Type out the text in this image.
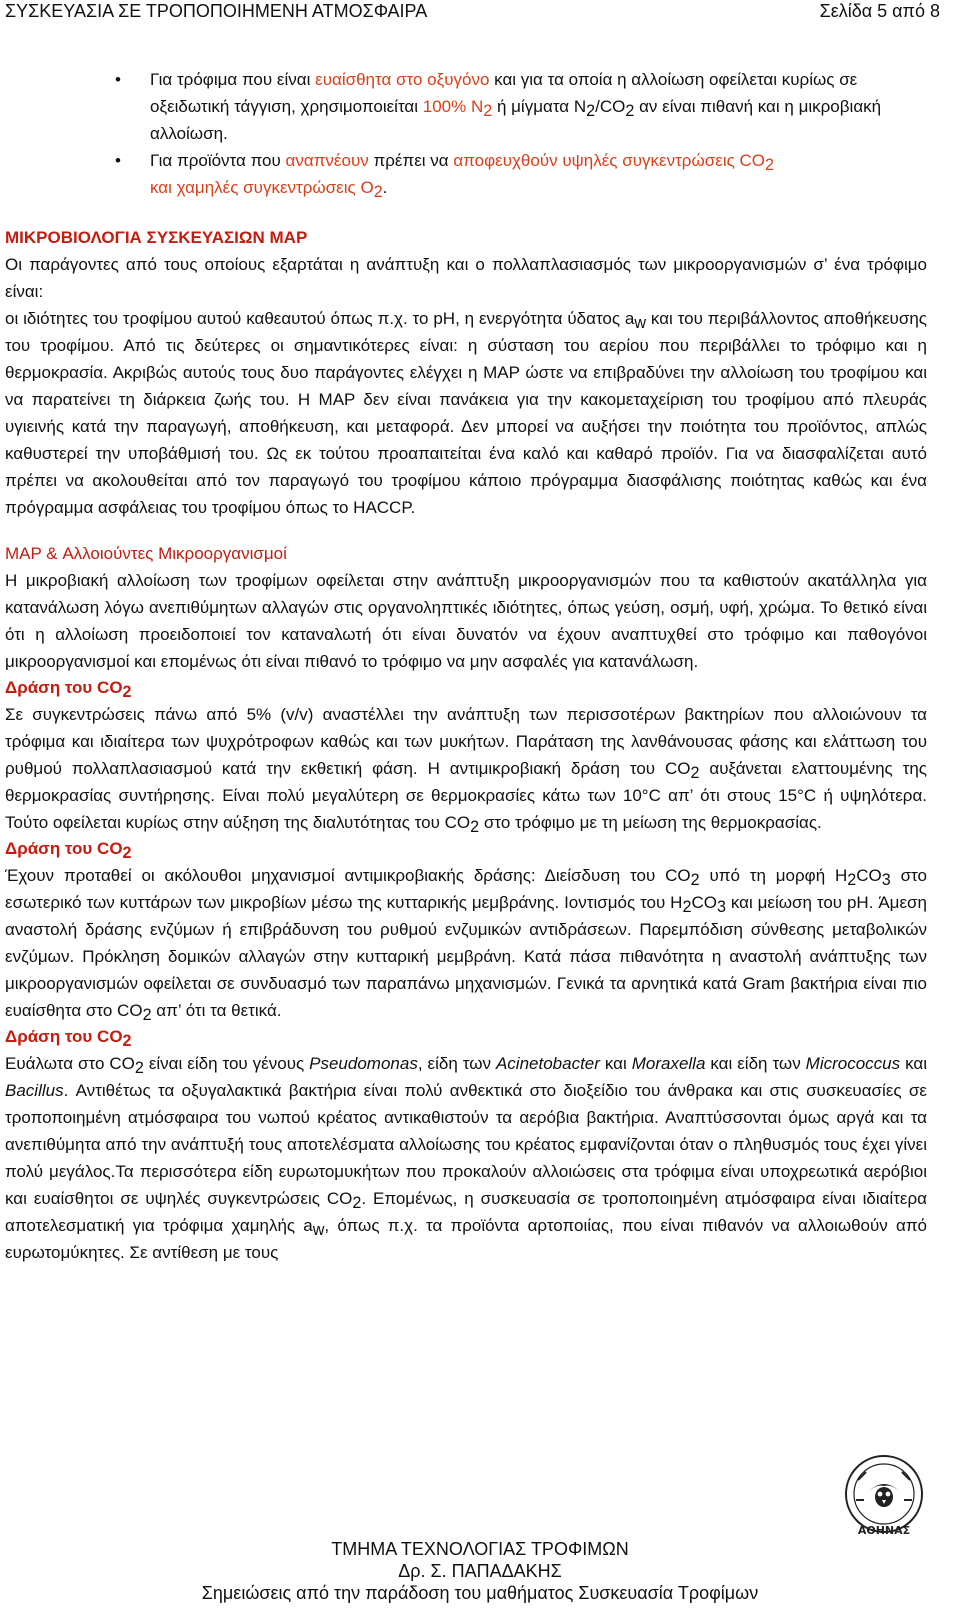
ΣΥΣΚΕΥΑΣΙΑ ΣΕ ΤΡΟΠΟΠΟΙΗΜΕΝΗ ΑΤΜΟΣΦΑΙΡΑ	Σελίδα 5 από 8
• Για τρόφιμα που είναι ευαίσθητα στο οξυγόνο και για τα οποία η αλλοίωση οφείλεται κυρίως σε οξειδωτική τάγγιση, χρησιμοποιείται 100% $N_2$ ή μίγματα $N_2/CO_2$ αν είναι πιθανή και η μικροβιακή αλλοίωση.
• Για προϊόντα που αναπνέουν πρέπει να αποφευχθούν υψηλές συγκεντρώσεις $CO_2$
και χαμηλές συγκεντρώσεις $O_2$.
ΜΙΚΡΟΒΙΟΛΟΓΙΑ ΣΥΣΚΕΥΑΣΙΩΝ MAP

Οι παράγοντες από τους οποίους εξαρτάται η ανάπτυξη και ο πολλαπλασιασμός των μικροοργανισμών σ’ ένα τρόφιμο είναι:

οι ιδιότητες του τροφίμου αυτού καθεαυτού όπως π.χ. το pH, η ενεργότητα ύδατος $a_w$ και του περιβάλλοντος αποθήκευσης του τροφίμου. Από τις δεύτερες οι σημαντικότερες είναι: η σύσταση του αερίου που περιβάλλει το τρόφιμο και η θερμοκρασία. Ακριβώς αυτούς τους δυο παράγοντες ελέγχει η MAP ώστε να επιβραδύνει την αλλοίωση του τροφίμου και να παρατείνει τη διάρκεια ζωής του. Η MAP δεν είναι πανάκεια για την κακομεταχείριση του τροφίμου από πλευράς υγιεινής κατά την παραγωγή, αποθήκευση, και μεταφορά. Δεν μπορεί να αυξήσει την ποιότητα του προϊόντος, απλώς καθυστερεί την υποβάθμισή του. Ως εκ τούτου προαπαιτείται ένα καλό και καθαρό προϊόν. Για να διασφαλίζεται αυτό πρέπει να ακολουθείται από τον παραγωγό του τροφίμου κάποιο πρόγραμμα διασφάλισης ποιότητας καθώς και ένα πρόγραμμα ασφάλειας του τροφίμου όπως το HACCP.

MAP & Αλλοιούντες Μικροοργανισμοί

Η μικροβιακή αλλοίωση των τροφίμων οφείλεται στην ανάπτυξη μικροοργανισμών που τα καθιστούν ακατάλληλα για κατανάλωση λόγω ανεπιθύμητων αλλαγών στις οργανοληπτικές ιδιότητες, όπως γεύση, οσμή, υφή, χρώμα. Το θετικό είναι ότι η αλλοίωση προειδοποιεί τον καταναλωτή ότι είναι δυνατόν να έχουν αναπτυχθεί στο τρόφιμο και παθογόνοι μικροοργανισμοί και επομένως ότι είναι πιθανό το τρόφιμο να μην ασφαλές για κατανάλωση.

Δράση του $CO_2$

Σε συγκεντρώσεις πάνω από 5% (v/v) αναστέλλει την ανάπτυξη των περισσοτέρων βακτηρίων που αλλοιώνουν τα τρόφιμα και ιδιαίτερα των ψυχρότροφων καθώς και των μυκήτων. Παράταση της λανθάνουσας φάσης και ελάττωση του ρυθμού πολλαπλασιασμού κατά την εκθετική φάση. Η αντιμικροβιακή δράση του $CO_2$ αυξάνεται ελαττουμένης της θερμοκρασίας συντήρησης. Είναι πολύ μεγαλύτερη σε θερμοκρασίες κάτω των 10°C απ’ ότι στους 15°C ή υψηλότερα. Τούτο οφείλεται κυρίως στην αύξηση της διαλυτότητας του $CO_2$ στο τρόφιμο με τη μείωση της θερμοκρασίας.

Δράση του $CO_2$

Έχουν προταθεί οι ακόλουθοι μηχανισμοί αντιμικροβιακής δράσης: Διείσδυση του $CO_2$ υπό τη μορφή $H_2CO_3$ στο εσωτερικό των κυττάρων των μικροβίων μέσω της κυτταρικής μεμβράνης. Ιοντισμός του $H_2CO_3$ και μείωση του pH. Άμεση αναστολή δράσης ενζύμων ή επιβράδυνση του ρυθμού ενζυμικών αντιδράσεων. Παρεμπόδιση σύνθεσης μεταβολικών ενζύμων. Πρόκληση δομικών αλλαγών στην κυτταρική μεμβράνη. Κατά πάσα πιθανότητα η αναστολή ανάπτυξης των μικροοργανισμών οφείλεται σε συνδυασμό των παραπάνω μηχανισμών. Γενικά τα αρνητικά κατά Gram βακτήρια είναι πιο ευαίσθητα στο $CO_2$ απ’ ότι τα θετικά.

Δράση του $CO_2$

Ευάλωτα στο $CO_2$ είναι είδη του γένους Pseudomonas, είδη των Acinetobacter και Moraxella και είδη των Micrococcus και Bacillus. Αντιθέτως τα οξυγαλακτικά βακτήρια είναι πολύ ανθεκτικά στο διοξείδιο του άνθρακα και στις συσκευασίες σε τροποποιημένη ατμόσφαιρα του νωπού κρέατος αντικαθιστούν τα αερόβια βακτήρια. Αναπτύσσονται όμως αργά και τα ανεπιθύμητα από την ανάπτυξή τους αποτελέσματα αλλοίωσης του κρέατος εμφανίζονται όταν ο πληθυσμός τους έχει γίνει πολύ μεγάλος.Τα περισσότερα είδη ευρωτομυκήτων που προκαλούν αλλοιώσεις στα τρόφιμα είναι υποχρεωτικά αερόβιοι και ευαίσθητοι σε υψηλές συγκεντρώσεις $CO_2$. Επομένως, η συσκευασία σε τροποποιημένη ατμόσφαιρα είναι ιδιαίτερα αποτελεσματική για τρόφιμα χαμηλής $a_w$, όπως π.χ. τα προϊόντα αρτοποιίας, που είναι πιθανόν να αλλοιωθούν από ευρωτομύκητες. Σε αντίθεση με τους

ΑΘΗΝΑΣ
ΤΜΗΜΑ ΤΕΧΝΟΛΟΓΙΑΣ ΤΡΟΦΙΜΩΝ
Δρ. Σ. ΠΑΠΑΔΑΚΗΣ
Σημειώσεις από την παράδοση του μαθήματος Συσκευασία Τροφίμων
